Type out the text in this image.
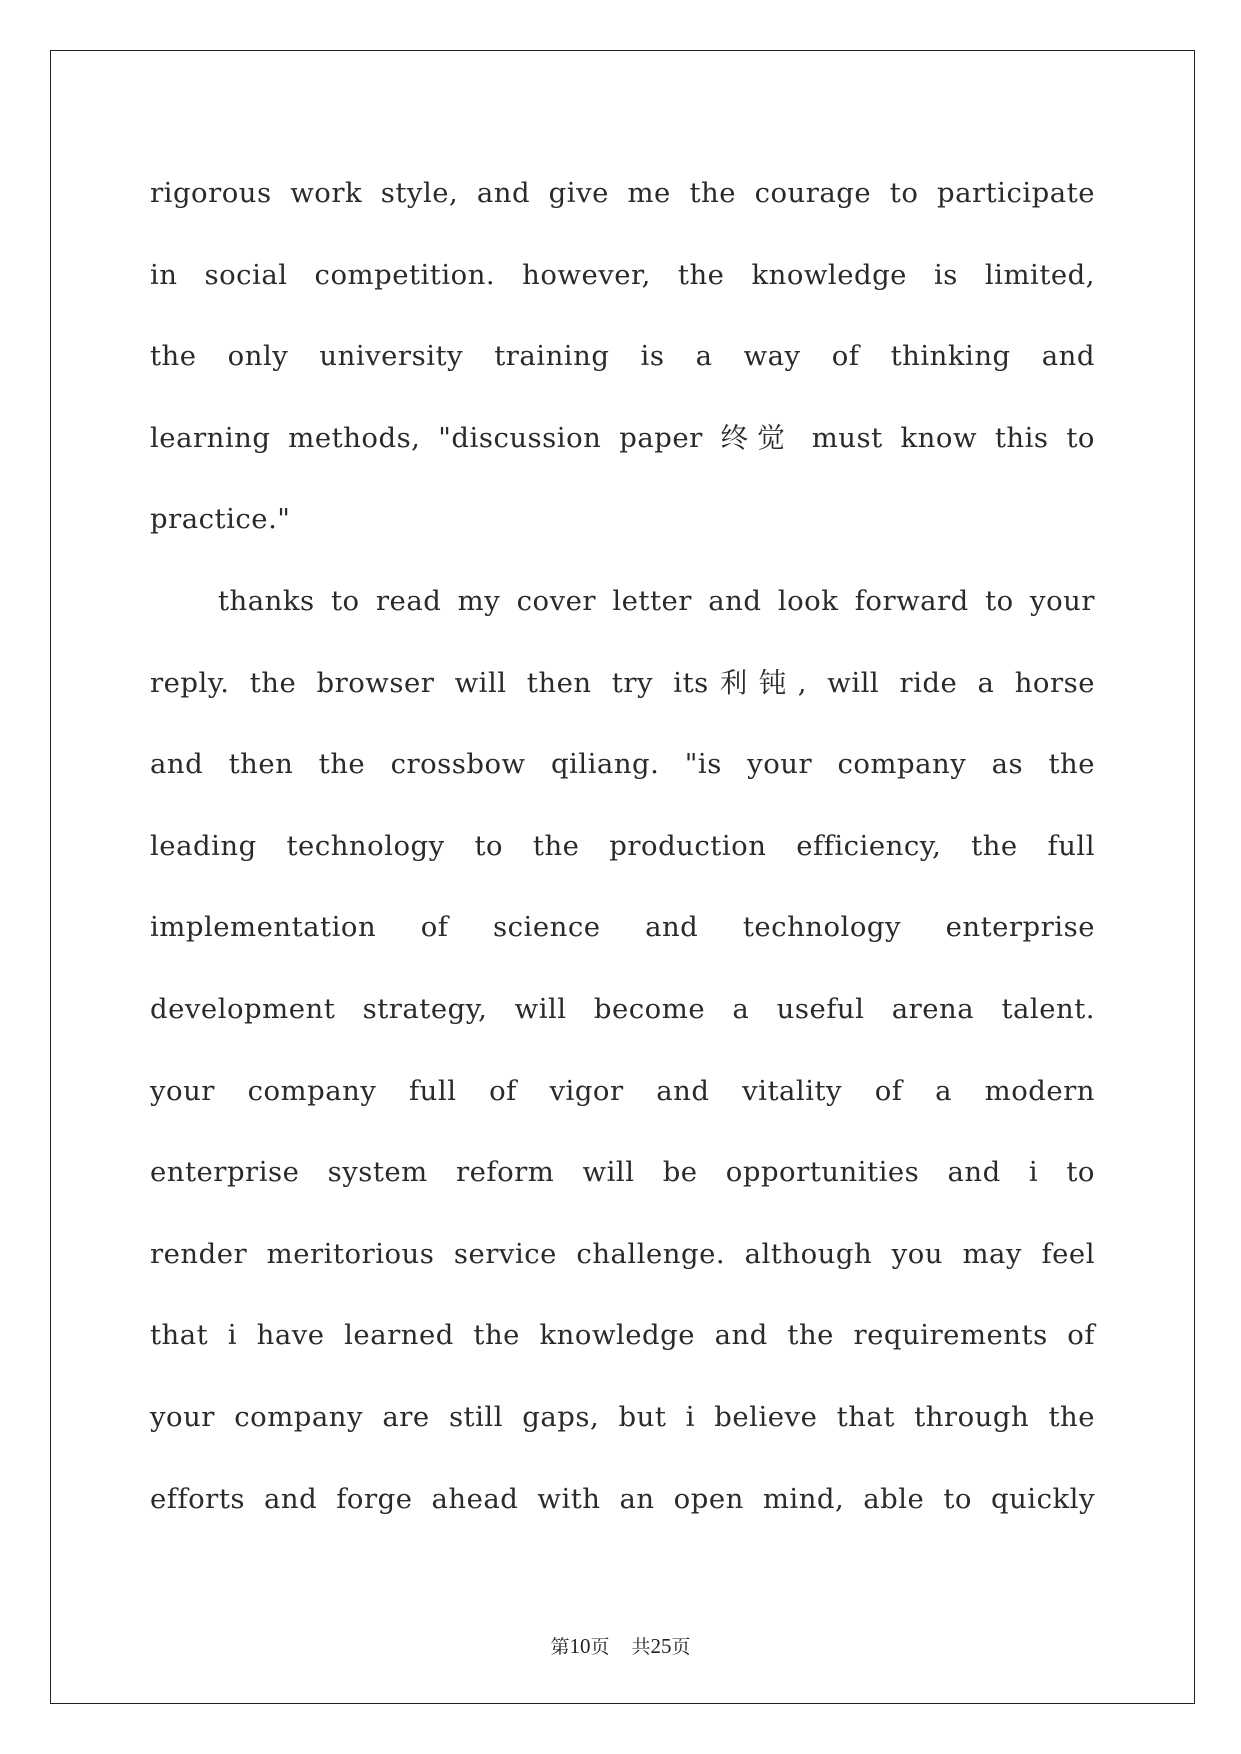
rigorous work style, and give me the courage to participate
in social competition. however, the knowledge is limited,
the only university training is a way of thinking and
learning methods, "discussion paper 终觉 must know this to
practice."
thanks to read my cover letter and look forward to your
reply. the browser will then try its利钝, will ride a horse
and then the crossbow qiliang. "is your company as the
leading technology to the production efficiency, the full
implementation of science and technology enterprise
development strategy, will become a useful arena talent.
your company full of vigor and vitality of a modern
enterprise system reform will be opportunities and i to
render meritorious service challenge. although you may feel
that i have learned the knowledge and the requirements of
your company are still gaps, but i believe that through the
efforts and forge ahead with an open mind, able to quickly
第10页 共25页
